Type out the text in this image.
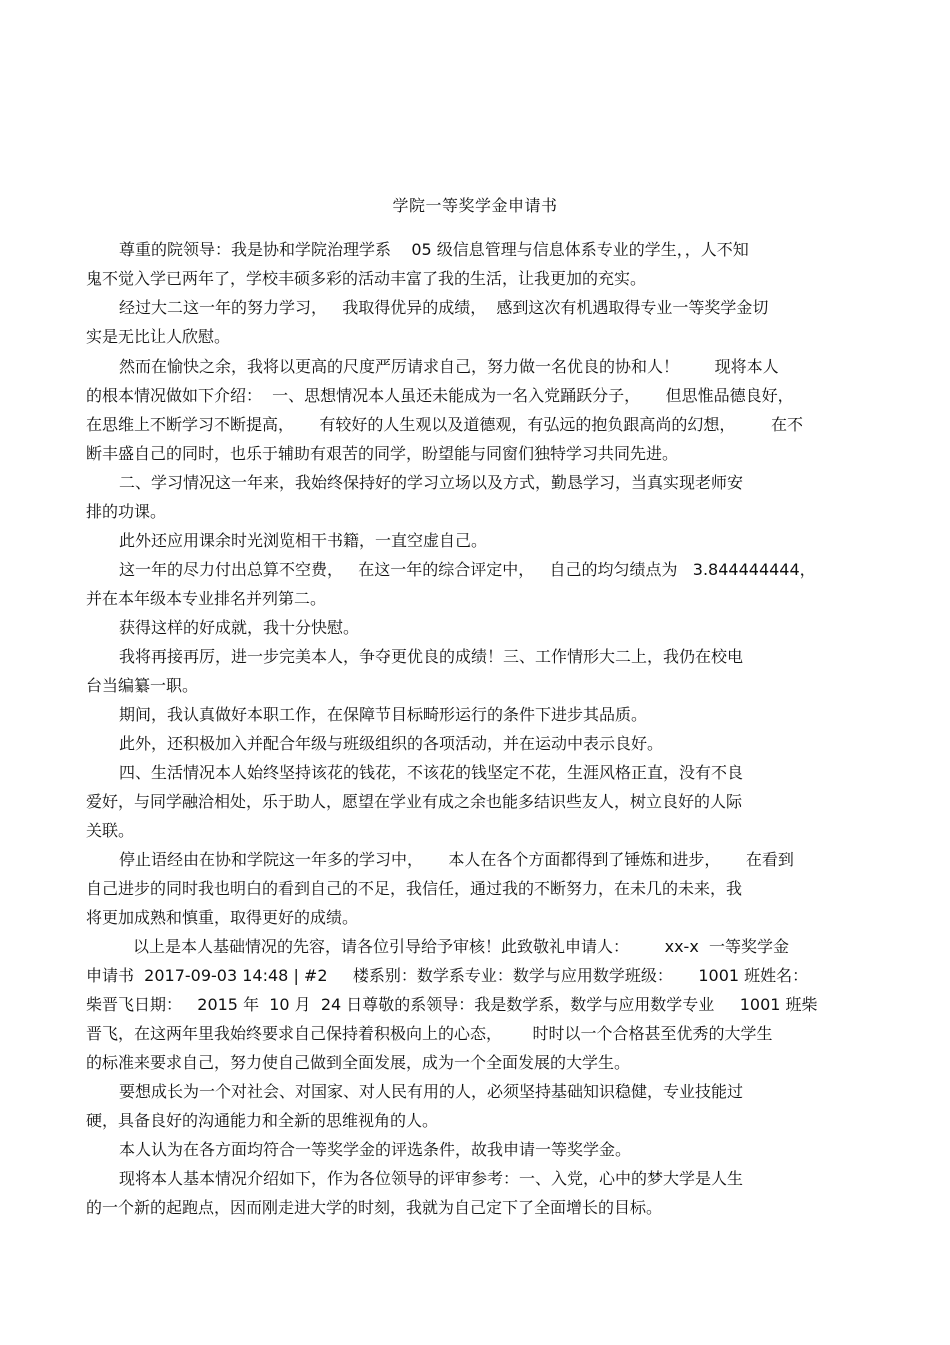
学院一等奖学金申请书
尊重的院领导：我是协和学院治理学系    05 级信息管理与信息体系专业的学生，，人不知
鬼不觉入学已两年了，学校丰硕多彩的活动丰富了我的生活，让我更加的充实。
经过大二这一年的努力学习，   我取得优异的成绩，  感到这次有机遇取得专业一等奖学金切
实是无比让人欣慰。
然而在愉快之余，我将以更高的尺度严厉请求自己，努力做一名优良的协和人！       现将本人
的根本情况做如下介绍：  一、思想情况本人虽还未能成为一名入党踊跃分子，     但思惟品德良好，
在思维上不断学习不断提高，     有较好的人生观以及道德观，有弘远的抱负跟高尚的幻想，       在不
断丰盛自己的同时，也乐于辅助有艰苦的同学，盼望能与同窗们独特学习共同先进。
二、学习情况这一年来，我始终保持好的学习立场以及方式，勤恳学习，当真实现老师安
排的功课。
此外还应用课余时光浏览相干书籍，一直空虚自己。
这一年的尽力付出总算不空费，   在这一年的综合评定中，   自己的均匀绩点为   3.844444444，
并在本年级本专业排名并列第二。
获得这样的好成就，我十分快慰。
我将再接再厉，进一步完美本人，争夺更优良的成绩！三、工作情形大二上，我仍在校电
台当编纂一职。
期间，我认真做好本职工作，在保障节目标畸形运行的条件下进步其品质。
此外，还积极加入并配合年级与班级组织的各项活动，并在运动中表示良好。
四、生活情况本人始终坚持该花的钱花，不该花的钱坚定不花，生涯风格正直，没有不良
爱好，与同学融洽相处，乐于助人，愿望在学业有成之余也能多结识些友人，树立良好的人际
关联。
停止语经由在协和学院这一年多的学习中，     本人在各个方面都得到了锤炼和进步，     在看到
自己进步的同时我也明白的看到自己的不足，我信任，通过我的不断努力，在未几的未来，我
将更加成熟和慎重，取得更好的成绩。
以上是本人基础情况的先容，请各位引导给予审核！此致敬礼申请人：       xx-x  一等奖学金
申请书  2017-09-03 14:48 | #2     楼系别：数学系专业：数学与应用数学班级：     1001 班姓名：
柴晋飞日期：   2015 年  10 月  24 日尊敬的系领导：我是数学系，数学与应用数学专业     1001 班柴
晋飞，在这两年里我始终要求自己保持着积极向上的心态，      时时以一个合格甚至优秀的大学生
的标准来要求自己，努力使自己做到全面发展，成为一个全面发展的大学生。
要想成长为一个对社会、对国家、对人民有用的人，必须坚持基础知识稳健，专业技能过
硬，具备良好的沟通能力和全新的思维视角的人。
本人认为在各方面均符合一等奖学金的评选条件，故我申请一等奖学金。
现将本人基本情况介绍如下，作为各位领导的评审参考：一、入党，心中的梦大学是人生
的一个新的起跑点，因而刚走进大学的时刻，我就为自己定下了全面增长的目标。
